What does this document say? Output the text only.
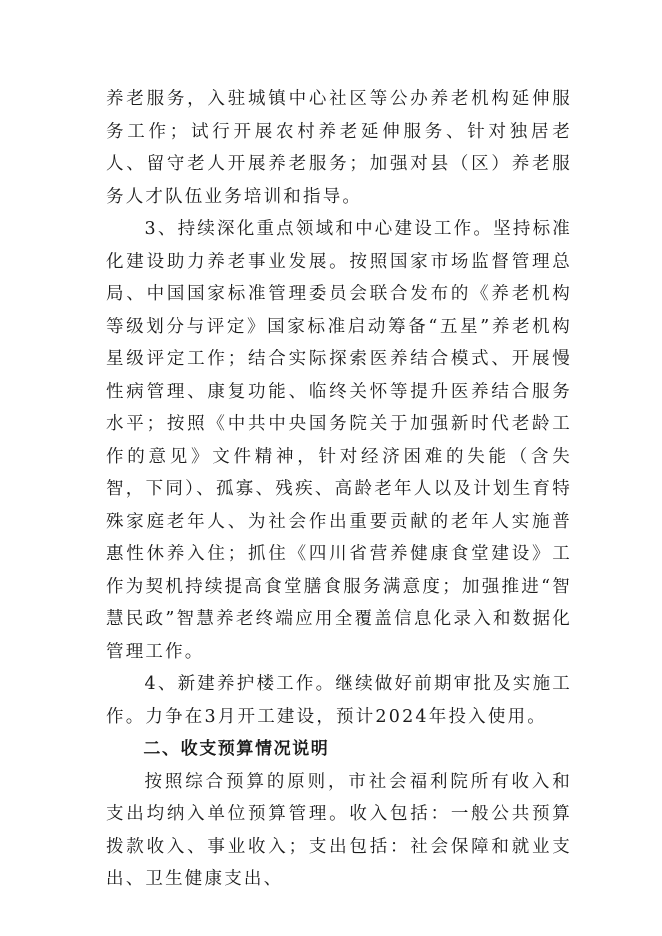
养老服务，入驻城镇中心社区等公办养老机构延伸服务工作；试行开展农村养老延伸服务、针对独居老人、留守老人开展养老服务；加强对县（区）养老服务人才队伍业务培训和指导。

3、持续深化重点领域和中心建设工作。坚持标准化建设助力养老事业发展。按照国家市场监督管理总局、中国国家标准管理委员会联合发布的《养老机构等级划分与评定》国家标准启动筹备“五星”养老机构星级评定工作；结合实际探索医养结合模式、开展慢性病管理、康复功能、临终关怀等提升医养结合服务水平；按照《中共中央国务院关于加强新时代老龄工作的意见》文件精神，针对经济困难的失能（含失智，下同）、孤寡、残疾、高龄老年人以及计划生育特殊家庭老年人、为社会作出重要贡献的老年人实施普惠性休养入住；抓住《四川省营养健康食堂建设》工作为契机持续提高食堂膳食服务满意度；加强推进“智慧民政”智慧养老终端应用全覆盖信息化录入和数据化管理工作。

4、新建养护楼工作。继续做好前期审批及实施工作。力争在3月开工建设，预计2024年投入使用。

二、收支预算情况说明

按照综合预算的原则，市社会福利院所有收入和支出均纳入单位预算管理。收入包括：一般公共预算拨款收入、事业收入；支出包括：社会保障和就业支出、卫生健康支出、
